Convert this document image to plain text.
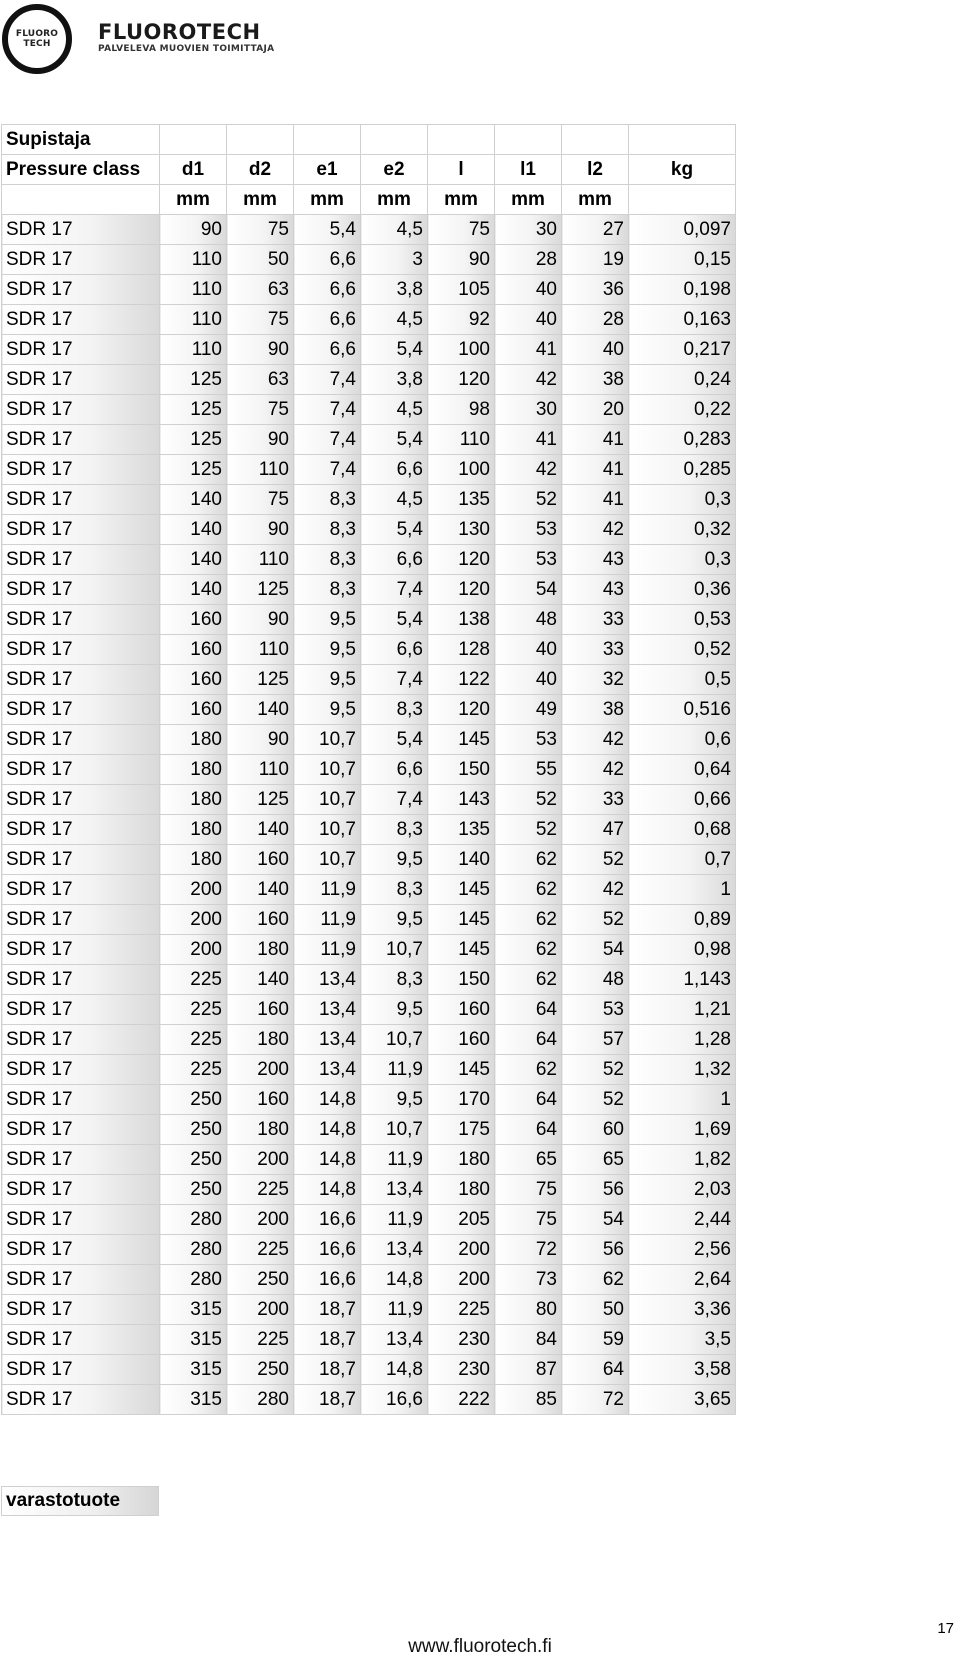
FLUORO
TECH FLUOROTECH
PALVELEVA MUOVIEN TOIMITTAJA
Supistaja								
Pressure class	d1	d2	e1	e2	l	l1	l2	kg
	mm	mm	mm	mm	mm	mm	mm	
SDR 17	90	75	5,4	4,5	75	30	27	0,097
SDR 17	110	50	6,6	3	90	28	19	0,15
SDR 17	110	63	6,6	3,8	105	40	36	0,198
SDR 17	110	75	6,6	4,5	92	40	28	0,163
SDR 17	110	90	6,6	5,4	100	41	40	0,217
SDR 17	125	63	7,4	3,8	120	42	38	0,24
SDR 17	125	75	7,4	4,5	98	30	20	0,22
SDR 17	125	90	7,4	5,4	110	41	41	0,283
SDR 17	125	110	7,4	6,6	100	42	41	0,285
SDR 17	140	75	8,3	4,5	135	52	41	0,3
SDR 17	140	90	8,3	5,4	130	53	42	0,32
SDR 17	140	110	8,3	6,6	120	53	43	0,3
SDR 17	140	125	8,3	7,4	120	54	43	0,36
SDR 17	160	90	9,5	5,4	138	48	33	0,53
SDR 17	160	110	9,5	6,6	128	40	33	0,52
SDR 17	160	125	9,5	7,4	122	40	32	0,5
SDR 17	160	140	9,5	8,3	120	49	38	0,516
SDR 17	180	90	10,7	5,4	145	53	42	0,6
SDR 17	180	110	10,7	6,6	150	55	42	0,64
SDR 17	180	125	10,7	7,4	143	52	33	0,66
SDR 17	180	140	10,7	8,3	135	52	47	0,68
SDR 17	180	160	10,7	9,5	140	62	52	0,7
SDR 17	200	140	11,9	8,3	145	62	42	1
SDR 17	200	160	11,9	9,5	145	62	52	0,89
SDR 17	200	180	11,9	10,7	145	62	54	0,98
SDR 17	225	140	13,4	8,3	150	62	48	1,143
SDR 17	225	160	13,4	9,5	160	64	53	1,21
SDR 17	225	180	13,4	10,7	160	64	57	1,28
SDR 17	225	200	13,4	11,9	145	62	52	1,32
SDR 17	250	160	14,8	9,5	170	64	52	1
SDR 17	250	180	14,8	10,7	175	64	60	1,69
SDR 17	250	200	14,8	11,9	180	65	65	1,82
SDR 17	250	225	14,8	13,4	180	75	56	2,03
SDR 17	280	200	16,6	11,9	205	75	54	2,44
SDR 17	280	225	16,6	13,4	200	72	56	2,56
SDR 17	280	250	16,6	14,8	200	73	62	2,64
SDR 17	315	200	18,7	11,9	225	80	50	3,36
SDR 17	315	225	18,7	13,4	230	84	59	3,5
SDR 17	315	250	18,7	14,8	230	87	64	3,58
SDR 17	315	280	18,7	16,6	222	85	72	3,65
varastotuote
17
www.fluorotech.fi
